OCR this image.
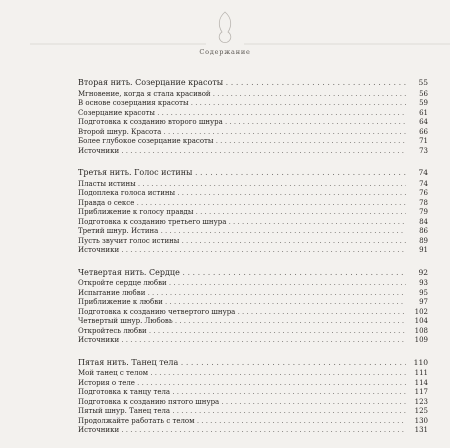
Содержание
Вторая нить. Созерцание красоты . . .	55
Мгновение, когда я стала красивой . . .	56
В основе созерцания красоты . . .	59
Созерцание красоты . . .	61
Подготовка к созданию второго шнура . . .	64
Второй шнур. Красота . . .	66
Более глубокое созерцание красоты . . .	71
Источники . . .	73
Третья нить. Голос истины . . .	74
Пласты истины . . .	74
Подоплека голоса истины . . .	76
Правда о сексе . . .	78
Приближение к голосу правды . . .	79
Подготовка к созданию третьего шнура . . .	84
Третий шнур. Истина . . .	86
Пусть звучит голос истины . . .	89
Источники . . .	91
Четвертая нить. Сердце . . .	92
Откройте сердце любви . . .	93
Испытание любви . . .	95
Приближение к любви . . .	97
Подготовка к созданию четвертого шнура . . .	102
Четвертый шнур. Любовь . . .	104
Откройтесь любви . . .	108
Источники . . .	109
Пятая нить. Танец тела . . .	110
Мой танец с телом . . .	111
История о теле . . .	114
Подготовка к танцу тела . . .	117
Подготовка к созданию пятого шнура . . .	123
Пятый шнур. Танец тела . . .	125
Продолжайте работать с телом . . .	130
Источники . . .	131
